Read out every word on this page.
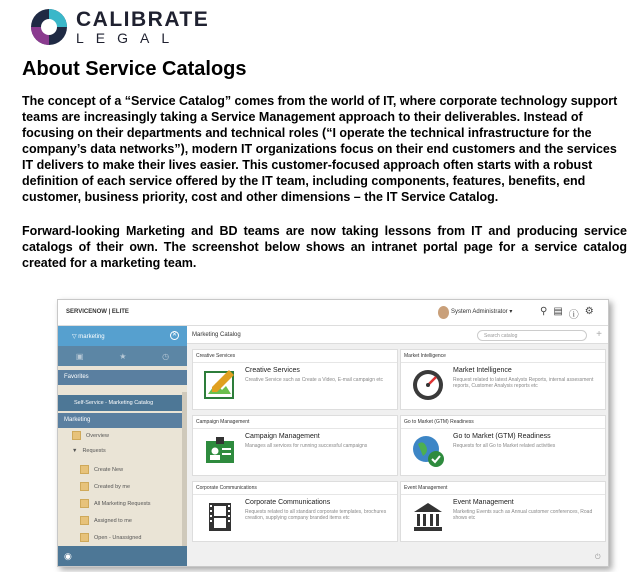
CALIBRATE
LEGAL
About Service Catalogs

The concept of a “Service Catalog” comes from the world of IT, where corporate technology support teams are increasingly taking a Service Management approach to their deliverables. Instead of focusing on their departments and technical roles (“I operate the technical infrastructure for the company’s data networks”), modern IT organizations focus on their end customers and the services IT delivers to make their lives easier. This customer-focused approach often starts with a robust definition of each service offered by the IT team, including components, features, benefits, end customer, business priority, cost and other dimensions – the IT Service Catalog.

Forward-looking Marketing and BD teams are now taking lessons from IT and producing service catalogs of their own. The screenshot below shows an intranet portal page for a service catalog created for a marketing team.

SERVICENOW | ELITE	System Administrator ▾	⚲ ▤ ⓘ ⚙
▽ marketing	✕
▣	★	◷
Favorites
Self-Service - Marketing Catalog
Marketing
Overview
▼ Requests
Create New
Created by me
All Marketing Requests
Assigned to me
Open - Unassigned
◉
Marketing Catalog	Search catalog	+
Creative Services
Creative Services
Creative Service such as Create a Video, E-mail campaign etc
Market Intelligence
Market Intelligence
Request related to latest Analysts Reports, internal assessment reports, Customer Analysis reports etc
Campaign Management
Campaign Management
Manages all services for running successful campaigns
Go to Market (GTM) Readiness
Go to Market (GTM) Readiness
Requests for all Go to Market related activities
Corporate Communications
Corporate Communications
Requests related to all standard corporate templates, brochures creation, supplying company branded items etc
Event Management
Event Management
Marketing Events such as Annual customer conferences, Road shows etc
⏻
